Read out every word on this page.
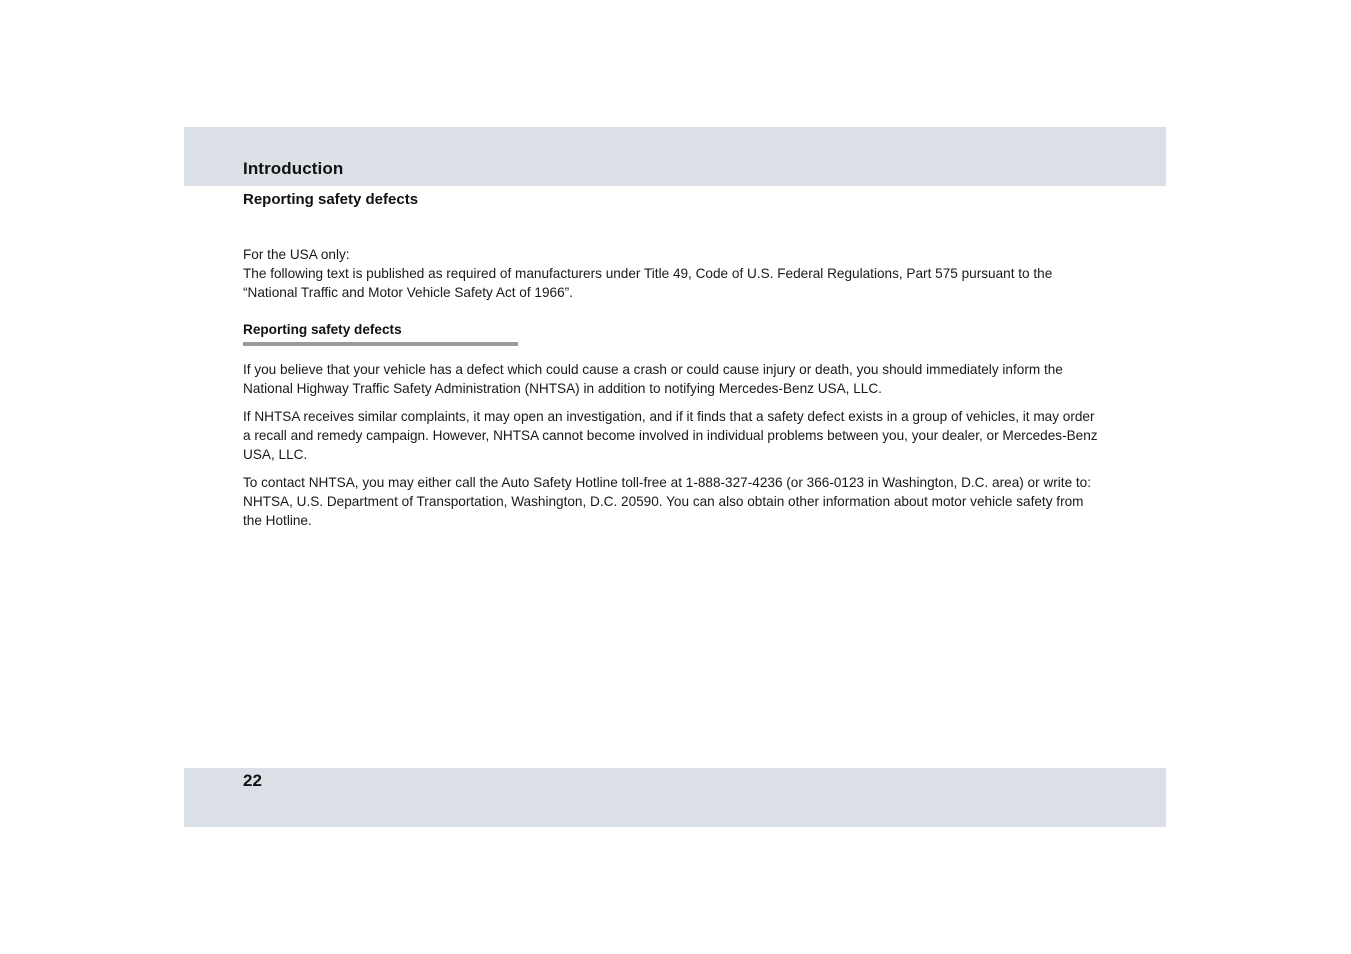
Introduction
Reporting safety defects

For the USA only:

The following text is published as required of manufacturers under Title 49, Code of U.S. Federal Regulations, Part 575 pursuant to the “National Traffic and Motor Vehicle Safety Act of 1966”.

Reporting safety defects

If you believe that your vehicle has a defect which could cause a crash or could cause injury or death, you should immediately inform the National Highway Traffic Safety Administration (NHTSA) in addition to notifying Mercedes-Benz USA, LLC.

If NHTSA receives similar complaints, it may open an investigation, and if it finds that a safety defect exists in a group of vehicles, it may order a recall and remedy campaign. However, NHTSA cannot become involved in individual problems between you, your dealer, or Mercedes-Benz USA, LLC.

To contact NHTSA, you may either call the Auto Safety Hotline toll-free at 1-888-327-4236 (or 366-0123 in Washington, D.C. area) or write to: NHTSA, U.S. Department of Transportation, Washington, D.C. 20590. You can also obtain other information about motor vehicle safety from the Hotline.

22
